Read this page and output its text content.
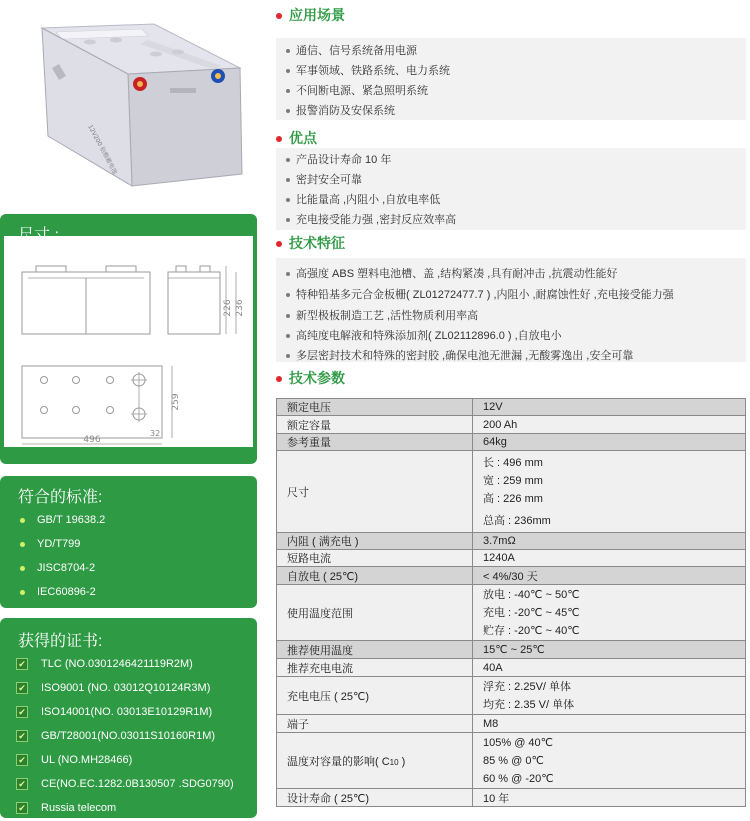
12V200 铅酸蓄电池
226 236
259
496
32
符合的标准:
GB/T 19638.2
YD/T799
JISC8704-2
IEC60896-2
获得的证书:
✔ TLC (NO.0301246421119R2M)
✔ ISO9001 (NO. 03012Q10124R3M)
✔ ISO14001(NO. 03013E10129R1M)
✔ GB/T28001(NO.03011S10160R1M)
✔ UL (NO.MH28466)
✔ CE(NO.EC.1282.0B130507 .SDG0790)
✔ Russia telecom
应用场景
通信、信号系统备用电源
军事领域、铁路系统、电力系统
不间断电源、紧急照明系统
报警消防及安保系统
优点
产品设计寿命 10 年
密封安全可靠
比能量高 ,内阻小 ,自放电率低
充电接受能力强 ,密封反应效率高
技术特征
高强度 ABS 塑料电池槽、盖 ,结构紧凑 ,具有耐冲击 ,抗震动性能好
特种铅基多元合金板栅( ZL01272477.7 ) ,内阻小 ,耐腐蚀性好 ,充电接受能力强
新型极板制造工艺 ,活性物质利用率高
高纯度电解液和特殊添加剂( ZL02112896.0 ) ,自放电小
多层密封技术和特殊的密封胶 ,确保电池无泄漏 ,无酸雾逸出 ,安全可靠
技术参数
额定电压	12V
额定容量	200 Ah
参考重量	64kg
尺寸	长 : 496 mm
宽 : 259 mm
高 : 226 mm
总高 : 236mm

内阻 ( 满充电 )	3.7mΩ
短路电流	1240A
自放电 ( 25℃)	< 4%/30 天
使用温度范围	放电 : -40℃ ~ 50℃
充电 : -20℃ ~ 45℃
贮存 : -20℃ ~ 40℃

推荐使用温度	15℃ ~ 25℃
推荐充电电流	40A
充电电压 ( 25℃)	浮充 : 2.25V/ 单体
均充 : 2.35 V/ 单体

端子	M8
温度对容量的影响( C10 )	105% @ 40℃
85 % @ 0℃
60 % @ -20℃

设计寿命 ( 25℃)	10 年
